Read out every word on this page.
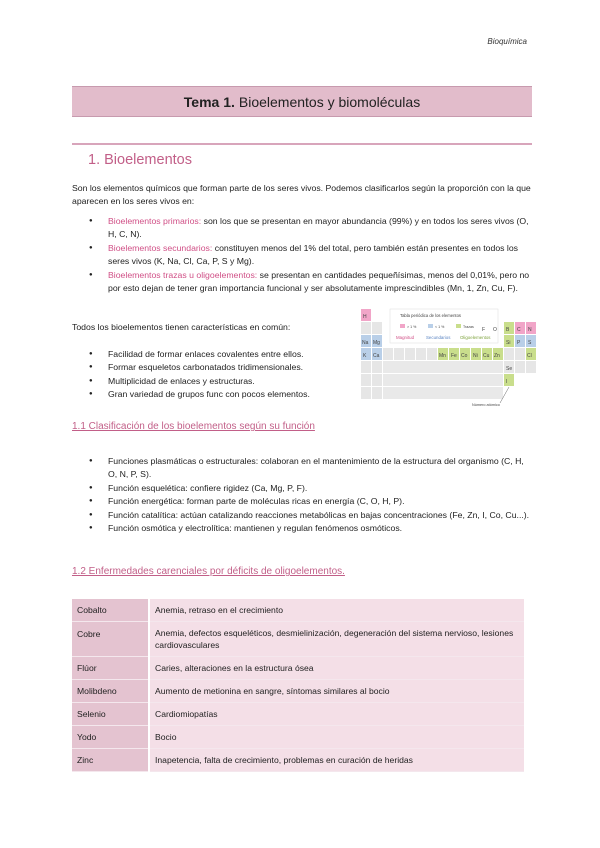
Bioquímica
Tema 1. Bioelementos y biomoléculas
1. Bioelementos
Son los elementos químicos que forman parte de los seres vivos. Podemos clasificarlos según la proporción con la que aparecen en los seres vivos en:
● Bioelementos primarios: son los que se presentan en mayor abundancia (99%) y en todos los seres vivos (O, H, C, N).
● Bioelementos secundarios: constituyen menos del 1% del total, pero también están presentes en todos los seres vivos (K, Na, Cl, Ca, P, S y Mg).
● Bioelementos trazas u oligoelementos: se presentan en cantidades pequeñísimas, menos del 0,01%, pero no por esto dejan de tener gran importancia funcional y ser absolutamente imprescindibles (Mn, 1, Zn, Cu, F).
Todos los bioelementos tienen características en común:
● Facilidad de formar enlaces covalentes entre ellos.
● Formar esqueletos carbonatados tridimensionales.
● Multiplicidad de enlaces y estructuras.
● Gran variedad de grupos func con pocos elementos.
Tabla periódica de los elementos
> 1 %	< 1 %	Trazas
Magnitud	Secundarios Oligoelementos
H
Na Mg
K Ca	Mn Fe Co Ni Cu Zn
B C N
O
F
Si P S
Cl
Se
I
Número atómico
1.1 Clasificación de los bioelementos según su función
● Funciones plasmáticas o estructurales: colaboran en el mantenimiento de la estructura del organismo (C, H, O, N, P, S).
● Función esquelética: confiere rigidez (Ca, Mg, P, F).
● Función energética: forman parte de moléculas ricas en energía (C, O, H, P).
● Función catalítica: actúan catalizando reacciones metabólicas en bajas concentraciones (Fe, Zn, I, Co, Cu...).
● Función osmótica y electrolítica: mantienen y regulan fenómenos osmóticos.
1.2 Enfermedades carenciales por déficits de oligoelementos.
Cobalto	Anemia, retraso en el crecimiento
Cobre	Anemia, defectos esqueléticos, desmielinización, degeneración del sistema nervioso, lesiones cardiovasculares
Flúor	Caries, alteraciones en la estructura ósea
Molibdeno	Aumento de metionina en sangre, síntomas similares al bocio
Selenio	Cardiomiopatías
Yodo	Bocio
Zinc	Inapetencia, falta de crecimiento, problemas en curación de heridas
